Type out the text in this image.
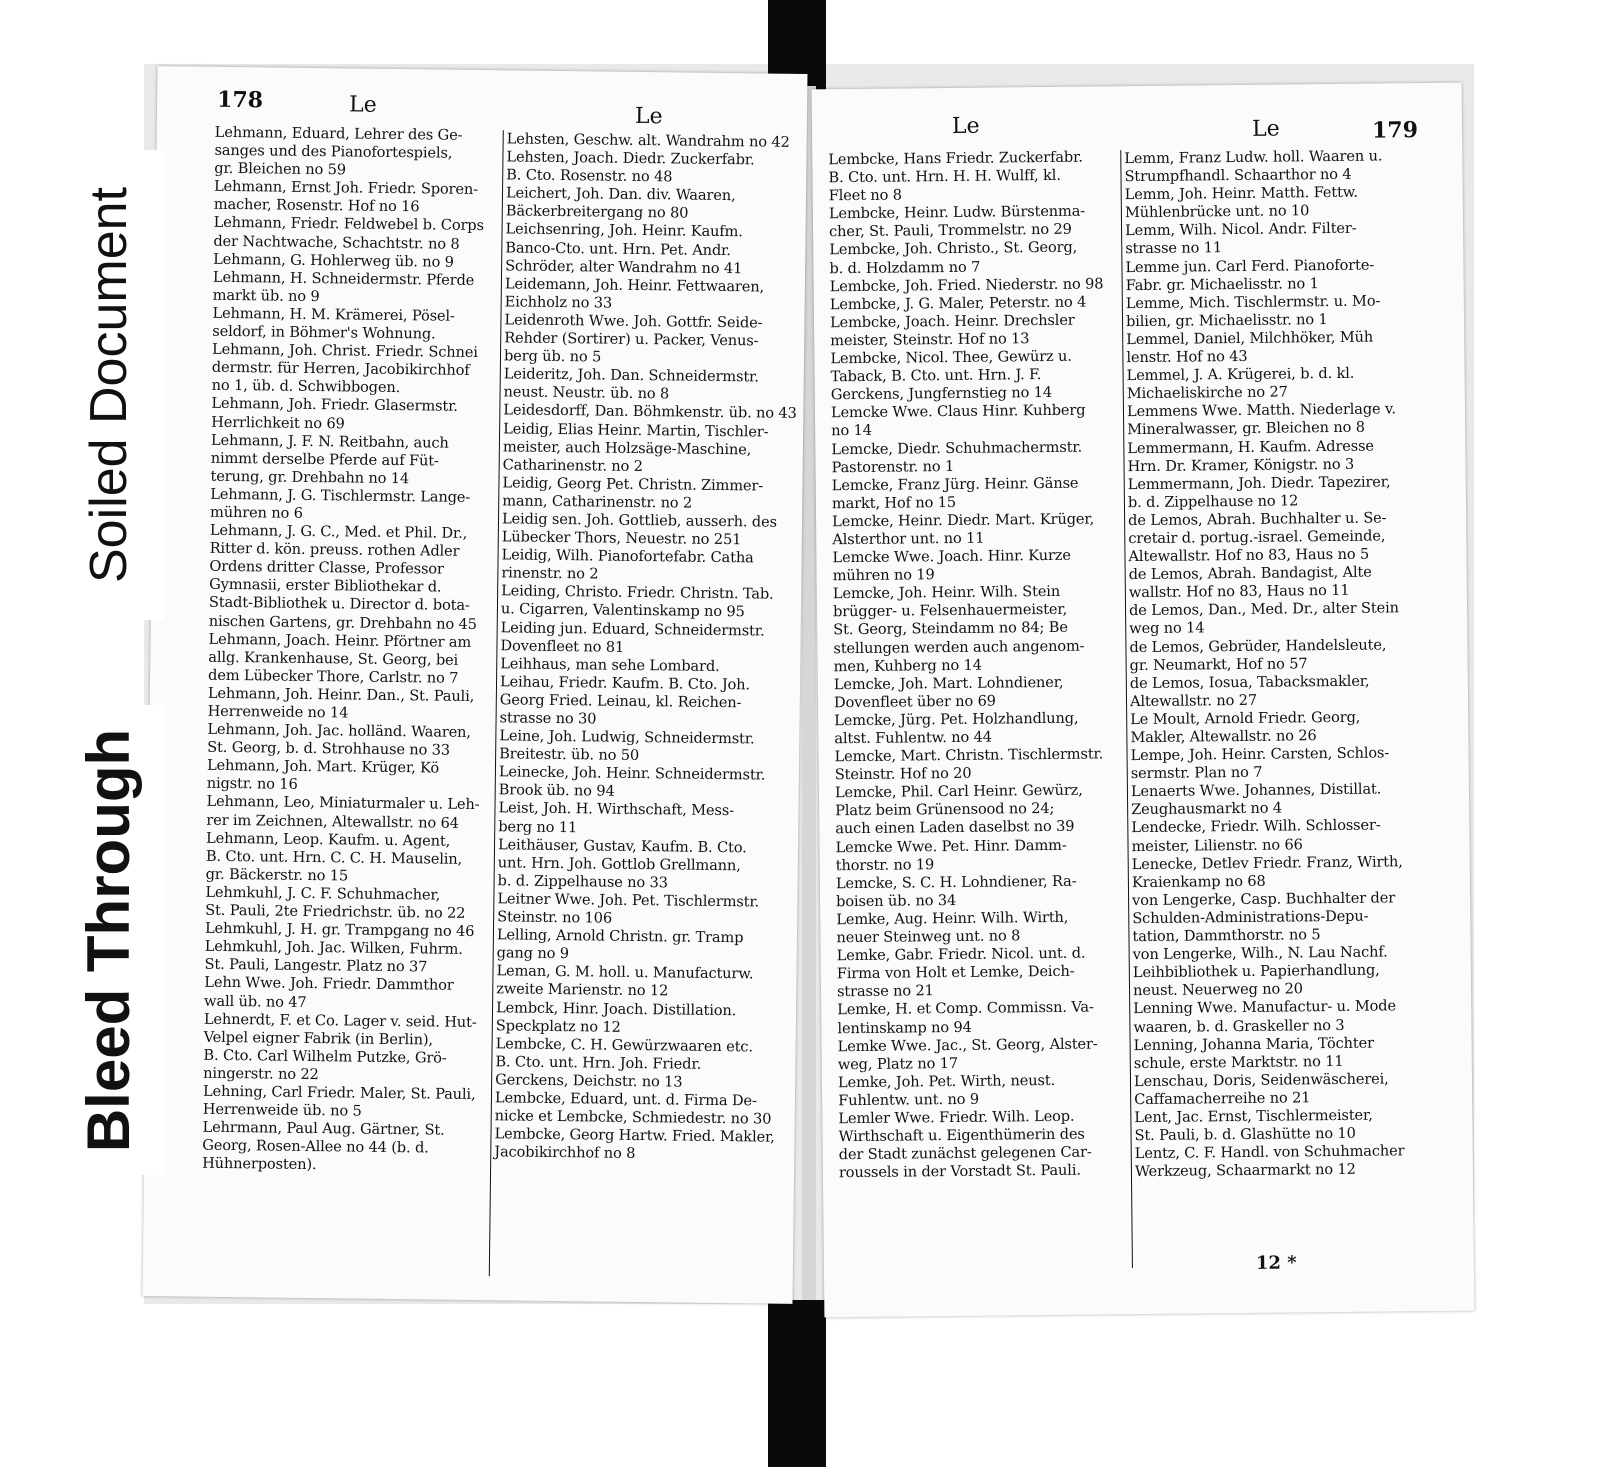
178	Le	Le
Lehmann, Eduard, Lehrer des Ge-
sanges und des Pianofortespiels,
gr. Bleichen no 59
Lehmann, Ernst Joh. Friedr. Sporen-
macher, Rosenstr. Hof no 16
Lehmann, Friedr. Feldwebel b. Corps
der Nachtwache, Schachtstr. no 8
Lehmann, G. Hohlerweg üb. no 9
Lehmann, H. Schneidermstr. Pferde
markt üb. no 9
Lehmann, H. M. Krämerei, Pösel-
seldorf, in Böhmer's Wohnung.
Lehmann, Joh. Christ. Friedr. Schnei
dermstr. für Herren, Jacobikirchhof
no 1, üb. d. Schwibbogen.
Lehmann, Joh. Friedr. Glasermstr.
Herrlichkeit no 69
Lehmann, J. F. N. Reitbahn, auch
nimmt derselbe Pferde auf Füt-
terung, gr. Drehbahn no 14
Lehmann, J. G. Tischlermstr. Lange-
mühren no 6
Lehmann, J. G. C., Med. et Phil. Dr.,
Ritter d. kön. preuss. rothen Adler
Ordens dritter Classe, Professor
Gymnasii, erster Bibliothekar d.
Stadt-Bibliothek u. Director d. bota-
nischen Gartens, gr. Drehbahn no 45
Lehmann, Joach. Heinr. Pförtner am
allg. Krankenhause, St. Georg, bei
dem Lübecker Thore, Carlstr. no 7
Lehmann, Joh. Heinr. Dan., St. Pauli,
Herrenweide no 14
Lehmann, Joh. Jac. holländ. Waaren,
St. Georg, b. d. Strohhause no 33
Lehmann, Joh. Mart. Krüger, Kö
nigstr. no 16
Lehmann, Leo, Miniaturmaler u. Leh-
rer im Zeichnen, Altewallstr. no 64
Lehmann, Leop. Kaufm. u. Agent,
B. Cto. unt. Hrn. C. C. H. Mauselin,
gr. Bäckerstr. no 15
Lehmkuhl, J. C. F. Schuhmacher,
St. Pauli, 2te Friedrichstr. üb. no 22
Lehmkuhl, J. H. gr. Trampgang no 46
Lehmkuhl, Joh. Jac. Wilken, Fuhrm.
St. Pauli, Langestr. Platz no 37
Lehn Wwe. Joh. Friedr. Dammthor
wall üb. no 47
Lehnerdt, F. et Co. Lager v. seid. Hut-
Velpel eigner Fabrik (in Berlin),
B. Cto. Carl Wilhelm Putzke, Grö-
ningerstr. no 22
Lehning, Carl Friedr. Maler, St. Pauli,
Herrenweide üb. no 5
Lehrmann, Paul Aug. Gärtner, St.
Georg, Rosen-Allee no 44 (b. d.
Hühnerposten).
Lehsten, Geschw. alt. Wandrahm no 42
Lehsten, Joach. Diedr. Zuckerfabr.
B. Cto. Rosenstr. no 48
Leichert, Joh. Dan. div. Waaren,
Bäckerbreitergang no 80
Leichsenring, Joh. Heinr. Kaufm.
Banco-Cto. unt. Hrn. Pet. Andr.
Schröder, alter Wandrahm no 41
Leidemann, Joh. Heinr. Fettwaaren,
Eichholz no 33
Leidenroth Wwe. Joh. Gottfr. Seide-
Rehder (Sortirer) u. Packer, Venus-
berg üb. no 5
Leideritz, Joh. Dan. Schneidermstr.
neust. Neustr. üb. no 8
Leidesdorff, Dan. Böhmkenstr. üb. no 43
Leidig, Elias Heinr. Martin, Tischler-
meister, auch Holzsäge-Maschine,
Catharinenstr. no 2
Leidig, Georg Pet. Christn. Zimmer-
mann, Catharinenstr. no 2
Leidig sen. Joh. Gottlieb, ausserh. des
Lübecker Thors, Neuestr. no 251
Leidig, Wilh. Pianofortefabr. Catha
rinenstr. no 2
Leiding, Christo. Friedr. Christn. Tab.
u. Cigarren, Valentinskamp no 95
Leiding jun. Eduard, Schneidermstr.
Dovenfleet no 81
Leihhaus, man sehe Lombard.
Leihau, Friedr. Kaufm. B. Cto. Joh.
Georg Fried. Leinau, kl. Reichen-
strasse no 30
Leine, Joh. Ludwig, Schneidermstr.
Breitestr. üb. no 50
Leinecke, Joh. Heinr. Schneidermstr.
Brook üb. no 94
Leist, Joh. H. Wirthschaft, Mess-
berg no 11
Leithäuser, Gustav, Kaufm. B. Cto.
unt. Hrn. Joh. Gottlob Grellmann,
b. d. Zippelhause no 33
Leitner Wwe. Joh. Pet. Tischlermstr.
Steinstr. no 106
Lelling, Arnold Christn. gr. Tramp
gang no 9
Leman, G. M. holl. u. Manufacturw.
zweite Marienstr. no 12
Lembck, Hinr. Joach. Distillation.
Speckplatz no 12
Lembcke, C. H. Gewürzwaaren etc.
B. Cto. unt. Hrn. Joh. Friedr.
Gerckens, Deichstr. no 13
Lembcke, Eduard, unt. d. Firma De-
nicke et Lembcke, Schmiedestr. no 30
Lembcke, Georg Hartw. Fried. Makler,
Jacobikirchhof no 8
Le	Le	179
Lembcke, Hans Friedr. Zuckerfabr.
B. Cto. unt. Hrn. H. H. Wulff, kl.
Fleet no 8
Lembcke, Heinr. Ludw. Bürstenma-
cher, St. Pauli, Trommelstr. no 29
Lembcke, Joh. Christo., St. Georg,
b. d. Holzdamm no 7
Lembcke, Joh. Fried. Niederstr. no 98
Lembcke, J. G. Maler, Peterstr. no 4
Lembcke, Joach. Heinr. Drechsler
meister, Steinstr. Hof no 13
Lembcke, Nicol. Thee, Gewürz u.
Taback, B. Cto. unt. Hrn. J. F.
Gerckens, Jungfernstieg no 14
Lemcke Wwe. Claus Hinr. Kuhberg
no 14
Lemcke, Diedr. Schuhmachermstr.
Pastorenstr. no 1
Lemcke, Franz Jürg. Heinr. Gänse
markt, Hof no 15
Lemcke, Heinr. Diedr. Mart. Krüger,
Alsterthor unt. no 11
Lemcke Wwe. Joach. Hinr. Kurze
mühren no 19
Lemcke, Joh. Heinr. Wilh. Stein
brügger- u. Felsenhauermeister,
St. Georg, Steindamm no 84; Be
stellungen werden auch angenom-
men, Kuhberg no 14
Lemcke, Joh. Mart. Lohndiener,
Dovenfleet über no 69
Lemcke, Jürg. Pet. Holzhandlung,
altst. Fuhlentw. no 44
Lemcke, Mart. Christn. Tischlermstr.
Steinstr. Hof no 20
Lemcke, Phil. Carl Heinr. Gewürz,
Platz beim Grünensood no 24;
auch einen Laden daselbst no 39
Lemcke Wwe. Pet. Hinr. Damm-
thorstr. no 19
Lemcke, S. C. H. Lohndiener, Ra-
boisen üb. no 34
Lemke, Aug. Heinr. Wilh. Wirth,
neuer Steinweg unt. no 8
Lemke, Gabr. Friedr. Nicol. unt. d.
Firma von Holt et Lemke, Deich-
strasse no 21
Lemke, H. et Comp. Commissn. Va-
lentinskamp no 94
Lemke Wwe. Jac., St. Georg, Alster-
weg, Platz no 17
Lemke, Joh. Pet. Wirth, neust.
Fuhlentw. unt. no 9
Lemler Wwe. Friedr. Wilh. Leop.
Wirthschaft u. Eigenthümerin des
der Stadt zunächst gelegenen Car-
roussels in der Vorstadt St. Pauli.
Lemm, Franz Ludw. holl. Waaren u.
Strumpfhandl. Schaarthor no 4
Lemm, Joh. Heinr. Matth. Fettw.
Mühlenbrücke unt. no 10
Lemm, Wilh. Nicol. Andr. Filter-
strasse no 11
Lemme jun. Carl Ferd. Pianoforte-
Fabr. gr. Michaelisstr. no 1
Lemme, Mich. Tischlermstr. u. Mo-
bilien, gr. Michaelisstr. no 1
Lemmel, Daniel, Milchhöker, Müh
lenstr. Hof no 43
Lemmel, J. A. Krügerei, b. d. kl.
Michaeliskirche no 27
Lemmens Wwe. Matth. Niederlage v.
Mineralwasser, gr. Bleichen no 8
Lemmermann, H. Kaufm. Adresse
Hrn. Dr. Kramer, Königstr. no 3
Lemmermann, Joh. Diedr. Tapezirer,
b. d. Zippelhause no 12
de Lemos, Abrah. Buchhalter u. Se-
cretair d. portug.-israel. Gemeinde,
Altewallstr. Hof no 83, Haus no 5
de Lemos, Abrah. Bandagist, Alte
wallstr. Hof no 83, Haus no 11
de Lemos, Dan., Med. Dr., alter Stein
weg no 14
de Lemos, Gebrüder, Handelsleute,
gr. Neumarkt, Hof no 57
de Lemos, Iosua, Tabacksmakler,
Altewallstr. no 27
Le Moult, Arnold Friedr. Georg,
Makler, Altewallstr. no 26
Lempe, Joh. Heinr. Carsten, Schlos-
sermstr. Plan no 7
Lenaerts Wwe. Johannes, Distillat.
Zeughausmarkt no 4
Lendecke, Friedr. Wilh. Schlosser-
meister, Lilienstr. no 66
Lenecke, Detlev Friedr. Franz, Wirth,
Kraienkamp no 68
von Lengerke, Casp. Buchhalter der
Schulden-Administrations-Depu-
tation, Dammthorstr. no 5
von Lengerke, Wilh., N. Lau Nachf.
Leihbibliothek u. Papierhandlung,
neust. Neuerweg no 20
Lenning Wwe. Manufactur- u. Mode
waaren, b. d. Graskeller no 3
Lenning, Johanna Maria, Töchter
schule, erste Marktstr. no 11
Lenschau, Doris, Seidenwäscherei,
Caffamacherreihe no 21
Lent, Jac. Ernst, Tischlermeister,
St. Pauli, b. d. Glashütte no 10
Lentz, C. F. Handl. von Schuhmacher
Werkzeug, Schaarmarkt no 12
12 *
Soiled Document
Bleed Through
